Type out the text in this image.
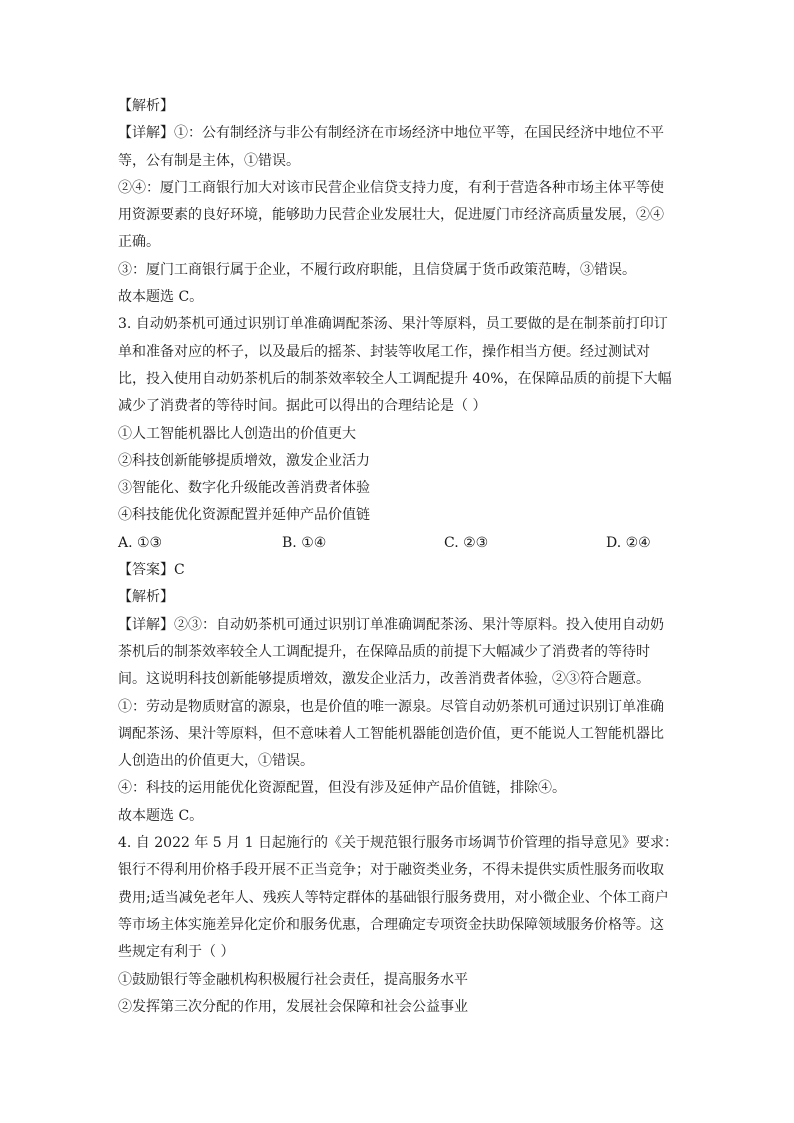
【解析】
【详解】①：公有制经济与非公有制经济在市场经济中地位平等，在国民经济中地位不平
等，公有制是主体，①错误。
②④：厦门工商银行加大对该市民营企业信贷支持力度，有利于营造各种市场主体平等使
用资源要素的良好环境，能够助力民营企业发展壮大，促进厦门市经济高质量发展，②④
正确。
③：厦门工商银行属于企业，不履行政府职能，且信贷属于货币政策范畴，③错误。
故本题选 C。
3. 自动奶茶机可通过识别订单准确调配茶汤、果汁等原料，员工要做的是在制茶前打印订
单和准备对应的杯子，以及最后的摇茶、封装等收尾工作，操作相当方便。经过测试对
比，投入使用自动奶茶机后的制茶效率较全人工调配提升 40%，在保障品质的前提下大幅
减少了消费者的等待时间。据此可以得出的合理结论是（ ）
①人工智能机器比人创造出的价值更大
②科技创新能够提质增效，激发企业活力
③智能化、数字化升级能改善消费者体验
④科技能优化资源配置并延伸产品价值链
A. ①③	B. ①④	C. ②③	D. ②④
【答案】C
【解析】
【详解】②③：自动奶茶机可通过识别订单准确调配茶汤、果汁等原料。投入使用自动奶
茶机后的制茶效率较全人工调配提升，在保障品质的前提下大幅减少了消费者的等待时
间。这说明科技创新能够提质增效，激发企业活力，改善消费者体验，②③符合题意。
①：劳动是物质财富的源泉，也是价值的唯一源泉。尽管自动奶茶机可通过识别订单准确
调配茶汤、果汁等原料，但不意味着人工智能机器能创造价值，更不能说人工智能机器比
人创造出的价值更大，①错误。
④：科技的运用能优化资源配置，但没有涉及延伸产品价值链，排除④。
故本题选 C。
4. 自 2022 年 5 月 1 日起施行的《关于规范银行服务市场调节价管理的指导意见》要求：
银行不得利用价格手段开展不正当竞争；对于融资类业务，不得未提供实质性服务而收取
费用;适当减免老年人、残疾人等特定群体的基础银行服务费用，对小微企业、个体工商户
等市场主体实施差异化定价和服务优惠，合理确定专项资金扶助保障领域服务价格等。这
些规定有利于（ ）
①鼓励银行等金融机构积极履行社会责任，提高服务水平
②发挥第三次分配的作用，发展社会保障和社会公益事业
